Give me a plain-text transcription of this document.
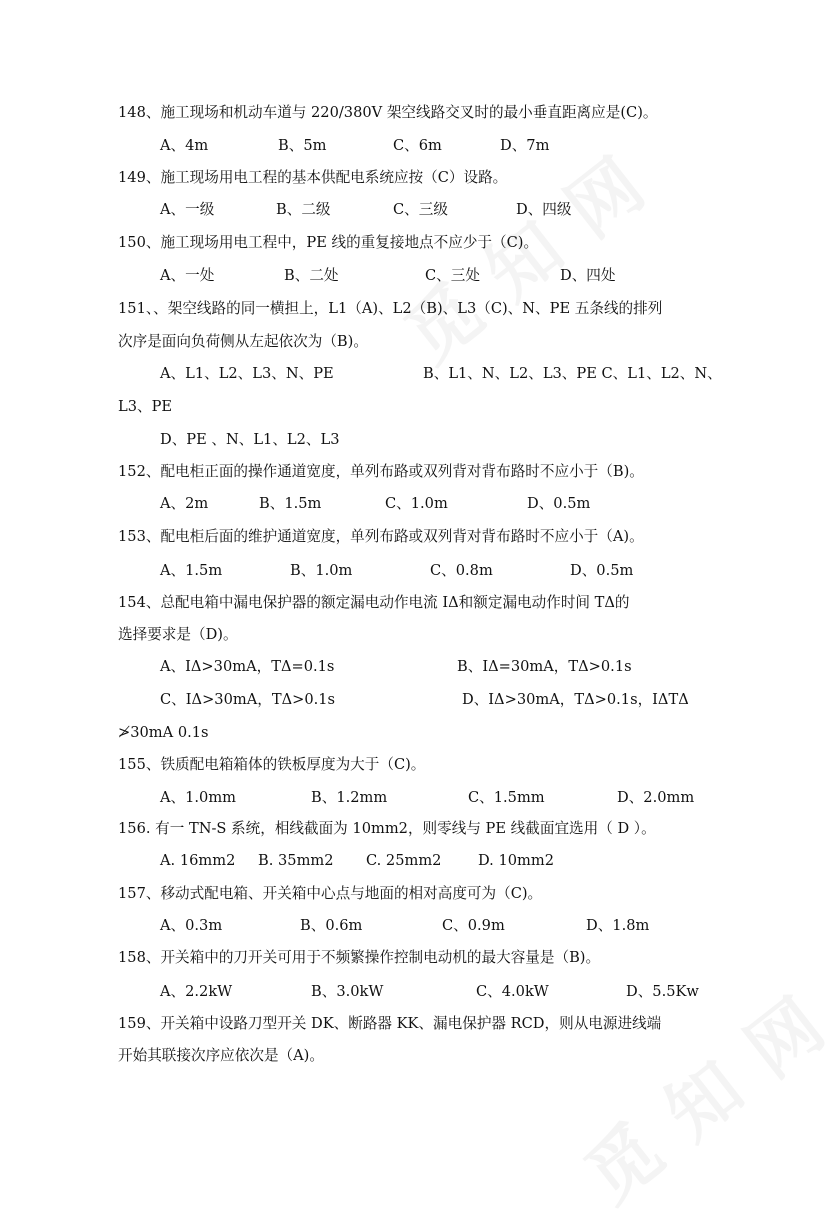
148、施工现场和机动车道与 220/380V 架空线路交叉时的最小垂直距离应是(C)。
A、4m	B、5m	C、6m	D、7m
149、施工现场用电工程的基本供配电系统应按（C）设路。
A、一级	B、二级	C、三级	D、四级
150、施工现场用电工程中，PE 线的重复接地点不应少于（C)。
A、一处	B、二处	C、三处	D、四处
151、、架空线路的同一横担上，L1（A)、L2（B)、L3（C)、N、PE 五条线的排列
次序是面向负荷侧从左起依次为（B)。
A、L1、L2、L3、N、PE	B、L1、N、L2、L3、PE C、L1、L2、N、
L3、PE
D、PE 、N、L1、L2、L3
152、配电柜正面的操作通道宽度，单列布路或双列背对背布路时不应小于（B)。
A、2m	B、1.5m	C、1.0m	D、0.5m
153、配电柜后面的维护通道宽度，单列布路或双列背对背布路时不应小于（A)。
A、1.5m	B、1.0m	C、0.8m	D、0.5m
154、总配电箱中漏电保护器的额定漏电动作电流 IΔ和额定漏电动作时间 TΔ的
选择要求是（D)。
A、IΔ>30mA，TΔ=0.1s	B、IΔ=30mA，TΔ>0.1s
C、IΔ>30mA，TΔ>0.1s	D、IΔ>30mA，TΔ>0.1s，IΔTΔ
≯30mA 0.1s
155、铁质配电箱箱体的铁板厚度为大于（C)。
A、1.0mm	B、1.2mm	C、1.5mm	D、2.0mm
156. 有一 TN-S 系统，相线截面为 10mm2，则零线与 PE 线截面宜选用（ D ）。
A. 16mm2 B. 35mm2 C. 25mm2	D. 10mm2
157、移动式配电箱、开关箱中心点与地面的相对高度可为（C)。
A、0.3m	B、0.6m	C、0.9m	D、1.8m
158、开关箱中的刀开关可用于不频繁操作控制电动机的最大容量是（B)。
A、2.2kW	B、3.0kW	C、4.0kW	D、5.5Kw
159、开关箱中设路刀型开关 DK、断路器 KK、漏电保护器 RCD，则从电源进线端
开始其联接次序应依次是（A)。
